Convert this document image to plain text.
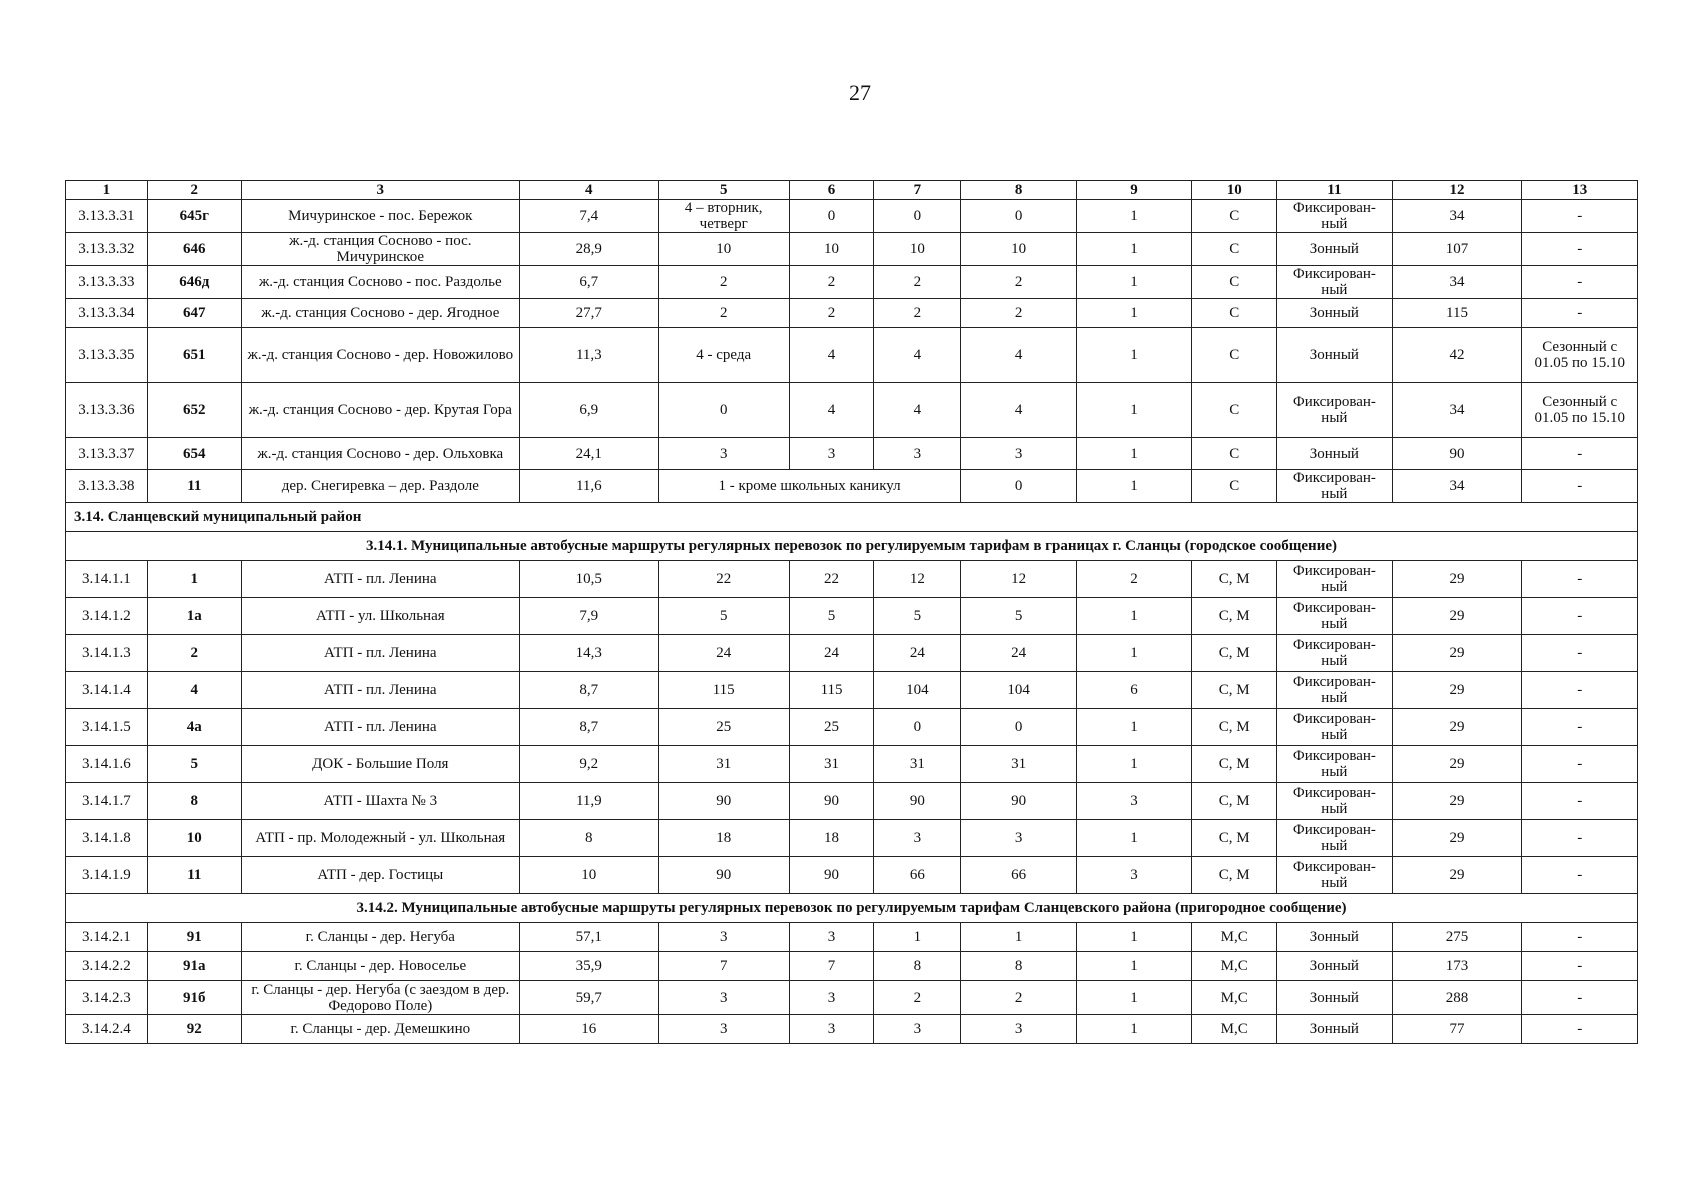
27
1	2	3	4	5	6	7	8	9	10	11	12	13
3.13.3.31	645г	Мичуринское - пос. Бережок	7,4	4 – вторник, четверг	0	0	0	1	С	Фиксирован-ный	34	-
3.13.3.32	646	ж.-д. станция Сосново - пос. Мичуринское	28,9	10	10	10	10	1	С	Зонный	107	-
3.13.3.33	646д	ж.-д. станция Сосново - пос. Раздолье	6,7	2	2	2	2	1	С	Фиксирован-ный	34	-
3.13.3.34	647	ж.-д. станция Сосново - дер. Ягодное	27,7	2	2	2	2	1	С	Зонный	115	-
3.13.3.35	651	ж.-д. станция Сосново - дер. Новожилово	11,3	4 - среда	4	4	4	1	С	Зонный	42	Сезонный с 01.05 по 15.10
3.13.3.36	652	ж.-д. станция Сосново - дер. Крутая Гора	6,9	0	4	4	4	1	С	Фиксирован-ный	34	Сезонный с 01.05 по 15.10
3.13.3.37	654	ж.-д. станция Сосново - дер. Ольховка	24,1	3	3	3	3	1	С	Зонный	90	-
3.13.3.38	11	дер. Снегиревка – дер. Раздоле	11,6	1 - кроме школьных каникул			0	1	С	Фиксирован-ный	34	-
3.14. Сланцевский муниципальный район												
3.14.1. Муниципальные автобусные маршруты регулярных перевозок по регулируемым тарифам в границах г. Сланцы (городское сообщение)												
3.14.1.1	1	АТП - пл. Ленина	10,5	22	22	12	12	2	С, М	Фиксирован-ный	29	-
3.14.1.2	1а	АТП - ул. Школьная	7,9	5	5	5	5	1	С, М	Фиксирован-ный	29	-
3.14.1.3	2	АТП - пл. Ленина	14,3	24	24	24	24	1	С, М	Фиксирован-ный	29	-
3.14.1.4	4	АТП - пл. Ленина	8,7	115	115	104	104	6	С, М	Фиксирован-ный	29	-
3.14.1.5	4а	АТП - пл. Ленина	8,7	25	25	0	0	1	С, М	Фиксирован-ный	29	-
3.14.1.6	5	ДОК - Большие Поля	9,2	31	31	31	31	1	С, М	Фиксирован-ный	29	-
3.14.1.7	8	АТП - Шахта № 3	11,9	90	90	90	90	3	С, М	Фиксирован-ный	29	-
3.14.1.8	10	АТП - пр. Молодежный - ул. Школьная	8	18	18	3	3	1	С, М	Фиксирован-ный	29	-
3.14.1.9	11	АТП - дер. Гостицы	10	90	90	66	66	3	С, М	Фиксирован-ный	29	-
3.14.2. Муниципальные автобусные маршруты регулярных перевозок по регулируемым тарифам Сланцевского района (пригородное сообщение)												
3.14.2.1	91	г. Сланцы - дер. Негуба	57,1	3	3	1	1	1	М,С	Зонный	275	-
3.14.2.2	91а	г. Сланцы - дер. Новоселье	35,9	7	7	8	8	1	М,С	Зонный	173	-
3.14.2.3	91б	г. Сланцы - дер. Негуба (с заездом в дер. Федорово Поле)	59,7	3	3	2	2	1	М,С	Зонный	288	-
3.14.2.4	92	г. Сланцы - дер. Демешкино	16	3	3	3	3	1	М,С	Зонный	77	-
